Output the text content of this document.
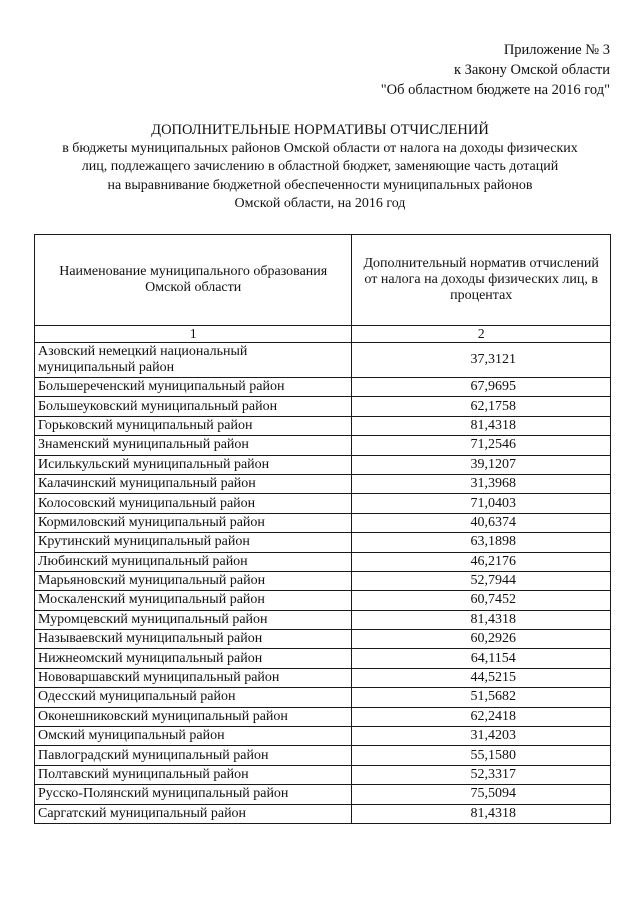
Приложение № 3
к Закону Омской области
"Об областном бюджете на 2016 год"
ДОПОЛНИТЕЛЬНЫЕ НОРМАТИВЫ ОТЧИСЛЕНИЙ
в бюджеты муниципальных районов Омской области от налога на доходы физических
лиц, подлежащего зачислению в областной бюджет, заменяющие часть дотаций
на выравнивание бюджетной обеспеченности муниципальных районов
Омской области, на 2016 год
Наименование муниципального образования Омской области	Дополнительный норматив отчислений от налога на доходы физических лиц, в процентах
1	2
Азовский немецкий национальный муниципальный район	37,3121
Большереченский муниципальный район	67,9695
Большеуковский муниципальный район	62,1758
Горьковский муниципальный район	81,4318
Знаменский муниципальный район	71,2546
Исилькульский муниципальный район	39,1207
Калачинский муниципальный район	31,3968
Колосовский муниципальный район	71,0403
Кормиловский муниципальный район	40,6374
Крутинский муниципальный район	63,1898
Любинский муниципальный район	46,2176
Марьяновский муниципальный район	52,7944
Москаленский муниципальный район	60,7452
Муромцевский муниципальный район	81,4318
Называевский муниципальный район	60,2926
Нижнеомский муниципальный район	64,1154
Нововаршавский муниципальный район	44,5215
Одесский муниципальный район	51,5682
Оконешниковский муниципальный район	62,2418
Омский муниципальный район	31,4203
Павлоградский муниципальный район	55,1580
Полтавский муниципальный район	52,3317
Русско-Полянский муниципальный район	75,5094
Саргатский муниципальный район	81,4318
